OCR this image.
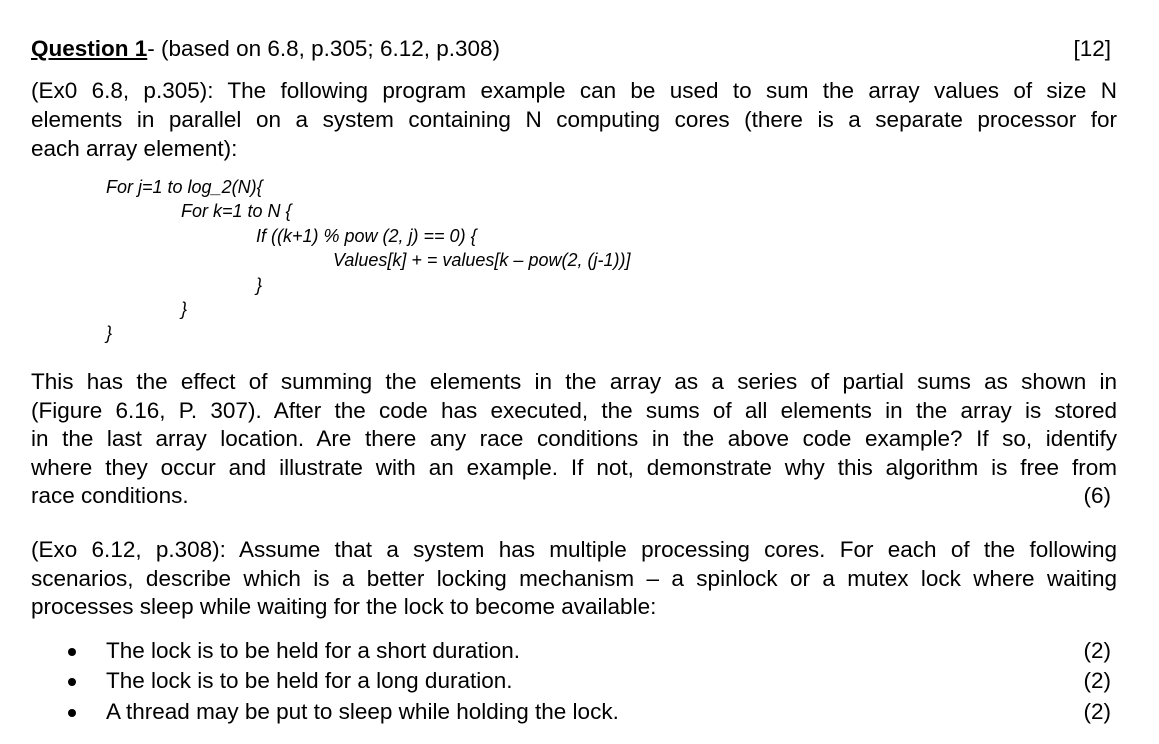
Question 1- (based on 6.8, p.305; 6.12, p.308)	[12]
(Ex0 6.8, p.305): The following program example can be used to sum the array values of size N
elements in parallel on a system containing N computing cores (there is a separate processor for
each array element):
For j=1 to log_2(N){
For k=1 to N {
If ((k+1) % pow (2, j) == 0) {
Values[k] + = values[k – pow(2, (j-1))]
}
}
}
This has the effect of summing the elements in the array as a series of partial sums as shown in
(Figure 6.16, P. 307). After the code has executed, the sums of all elements in the array is stored
in the last array location. Are there any race conditions in the above code example? If so, identify
where they occur and illustrate with an example. If not, demonstrate why this algorithm is free from
race conditions.	(6)
(Exo 6.12, p.308): Assume that a system has multiple processing cores. For each of the following
scenarios, describe which is a better locking mechanism – a spinlock or a mutex lock where waiting
processes sleep while waiting for the lock to become available:
The lock is to be held for a short duration.	(2)
The lock is to be held for a long duration.	(2)
A thread may be put to sleep while holding the lock.	(2)
